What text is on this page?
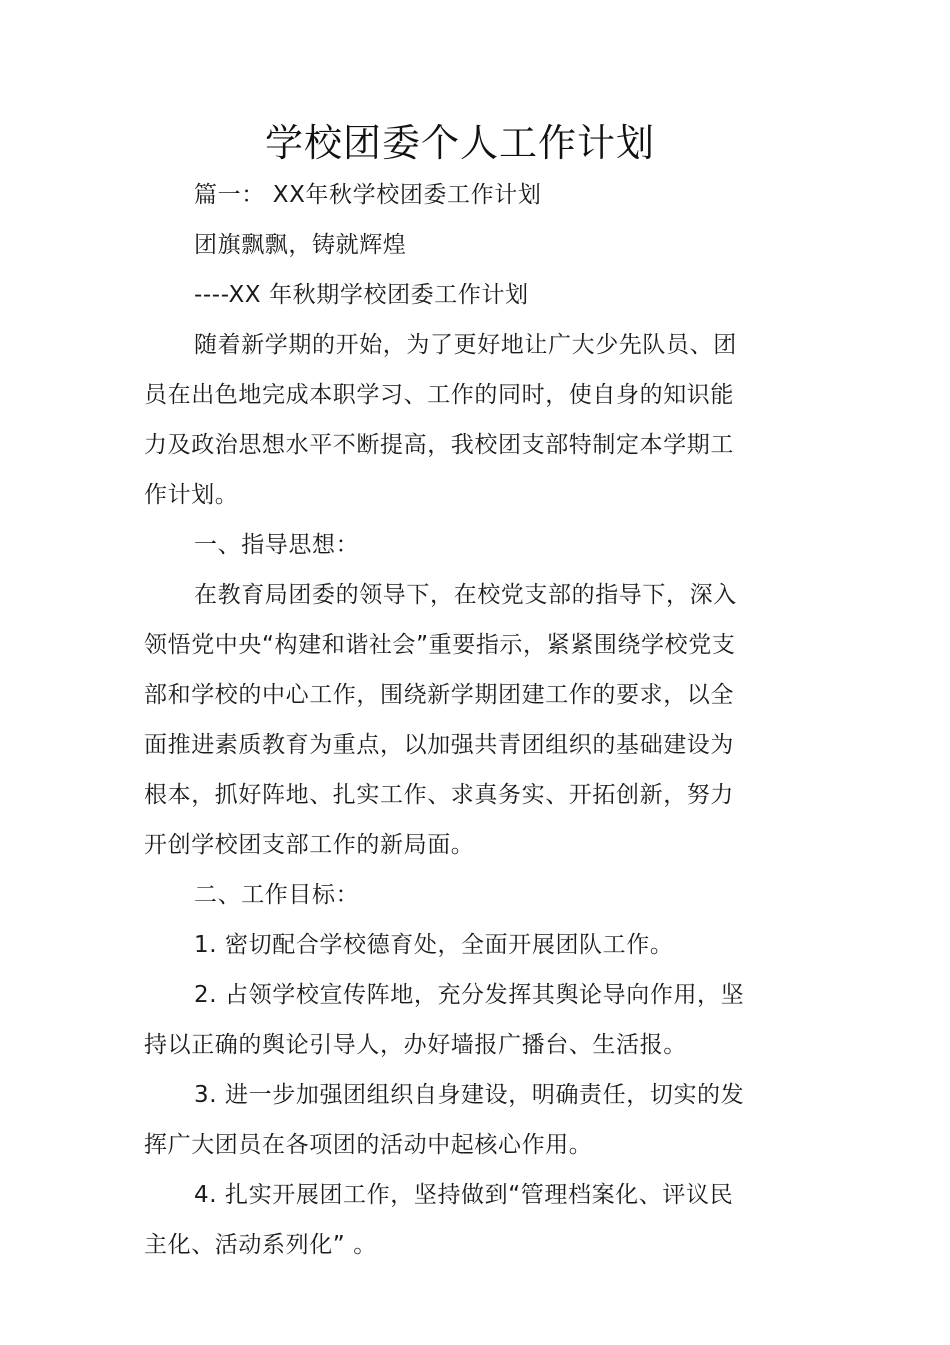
学校团委个人工作计划

篇一： XX年秋学校团委工作计划

团旗飘飘，铸就辉煌

----XX 年秋期学校团委工作计划

随着新学期的开始，为了更好地让广大少先队员、团员在出色地完成本职学习、工作的同时，使自身的知识能力及政治思想水平不断提高，我校团支部特制定本学期工作计划。

一、指导思想：

在教育局团委的领导下，在校党支部的指导下，深入领悟党中央“构建和谐社会”重要指示，紧紧围绕学校党支部和学校的中心工作，围绕新学期团建工作的要求，以全面推进素质教育为重点，以加强共青团组织的基础建设为根本，抓好阵地、扎实工作、求真务实、开拓创新，努力开创学校团支部工作的新局面。

二、工作目标：

1. 密切配合学校德育处，全面开展团队工作。

2. 占领学校宣传阵地，充分发挥其舆论导向作用，坚持以正确的舆论引导人，办好墙报广播台、生活报。

3. 进一步加强团组织自身建设，明确责任，切实的发挥广大团员在各项团的活动中起核心作用。

4. 扎实开展团工作，坚持做到“管理档案化、评议民主化、活动系列化” 。
